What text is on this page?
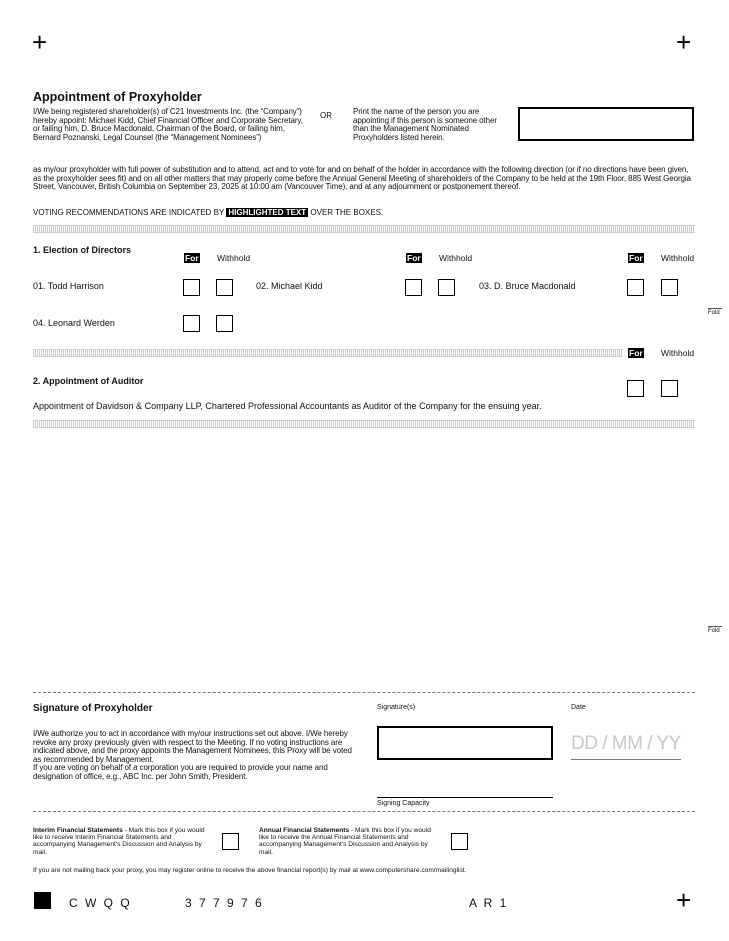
+	+
+
Appointment of Proxyholder
I/We being registered shareholder(s) of C21 Investments Inc. (the “Company”) hereby appoint: Michael Kidd, Chief Financial Officer and Corporate Secretary, or failing him, D. Bruce Macdonald, Chairman of the Board, or failing him, Bernard Poznanski, Legal Counsel (the “Management Nominees”)
OR	Print the name of the person you are appointing if this person is someone other than the Management Nominated Proxyholders listed herein.
as my/our proxyholder with full power of substitution and to attend, act and to vote for and on behalf of the holder in accordance with the following direction (or if no directions have been given, as the proxyholder sees fit) and on all other matters that may properly come before the Annual General Meeting of shareholders of the Company to be held at the 19th Floor, 885 West Georgia Street, Vancouver, British Columbia on September 23, 2025 at 10:00 am (Vancouver Time), and at any adjournment or postponement thereof.
VOTING RECOMMENDATIONS ARE INDICATED BY HIGHLIGHTED TEXT OVER THE BOXES.
1. Election of Directors
For Withhold	For Withhold	For Withhold
01. Todd Harrison	02. Michael Kidd	03. D. Bruce Macdonald
04. Leonard Werden
Fold
For Withhold
2. Appointment of Auditor
Appointment of Davidson & Company LLP, Chartered Professional Accountants as Auditor of the Company for the ensuing year.
Fold
Signature of Proxyholder
I/We authorize you to act in accordance with my/our instructions set out above. I/We hereby revoke any proxy previously given with respect to the Meeting. If no voting instructions are indicated above, and the proxy appoints the Management Nominees, this Proxy will be voted as recommended by Management.
If you are voting on behalf of a corporation you are required to provide your name and designation of office, e.g., ABC Inc. per John Smith, President.
Signature(s)
Signing Capacity
Date
DD / MM / YY
Interim Financial Statements - Mark this box if you would like to receive Interim Financial Statements and accompanying Management’s Discussion and Analysis by mail.
Annual Financial Statements - Mark this box if you would like to receive the Annual Financial Statements and accompanying Management’s Discussion and Analysis by mail.
If you are not mailing back your proxy, you may register online to receive the above financial report(s) by mail at www.computershare.com/mailinglist.
C W Q Q	3 7 7 9 7 6	A R 1
